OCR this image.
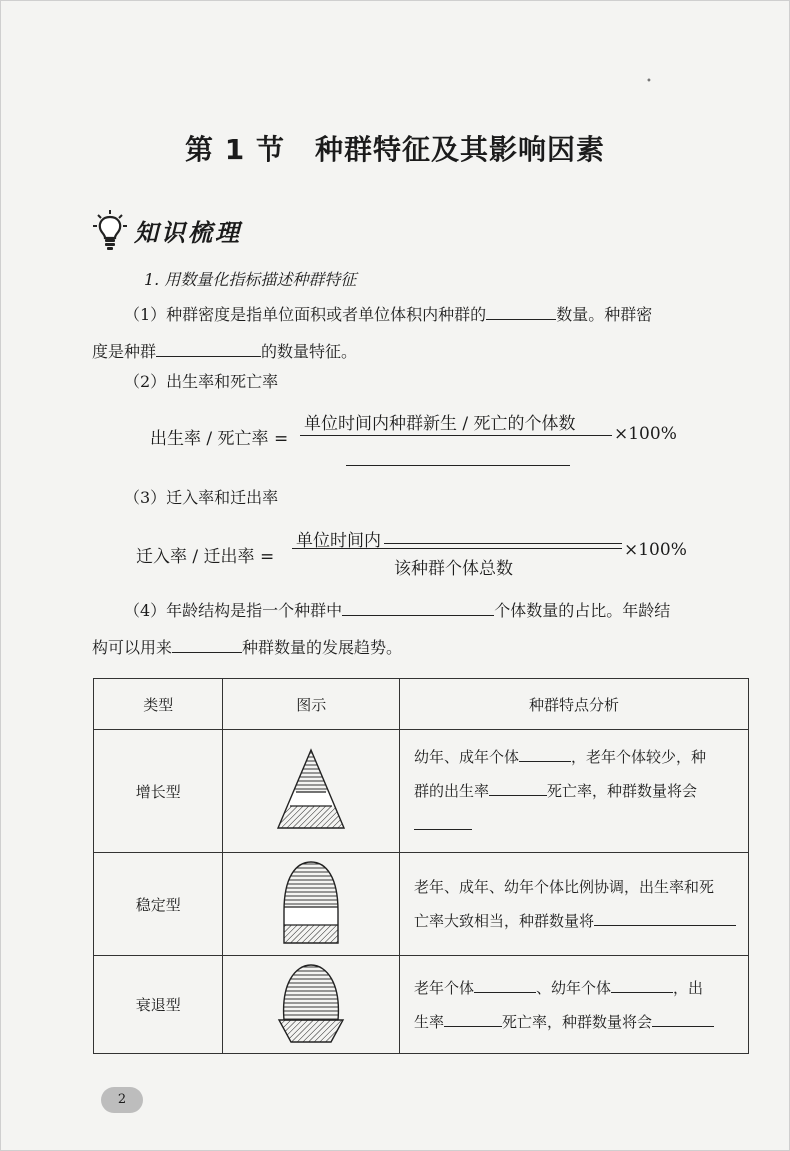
•
第 1 节 种群特征及其影响因素
知识梳理
1. 用数量化指标描述种群特征
（1）种群密度是指单位面积或者单位体积内种群的	数量。种群密
度是种群	的数量特征。
（2）出生率和死亡率
出生率 / 死亡率 =
单位时间内种群新生 / 死亡的个体数 ×100%
（3）迁入率和迁出率
迁入率 / 迁出率 =
单位时间内
该种群个体总数
×100%
（4）年龄结构是指一个种群中	个体数量的占比。年龄结
构可以用来	种群数量的发展趋势。
类型	图示	种群特点分析
增长型		幼年、成年个体 ，老年个体较少，种
群的出生率 死亡率，种群数量将会

稳定型		老年、成年、幼年个体比例协调，出生率和死
亡率大致相当，种群数量将
衰退型		老年个体 、幼年个体 ，出
生率 死亡率，种群数量将会
2
